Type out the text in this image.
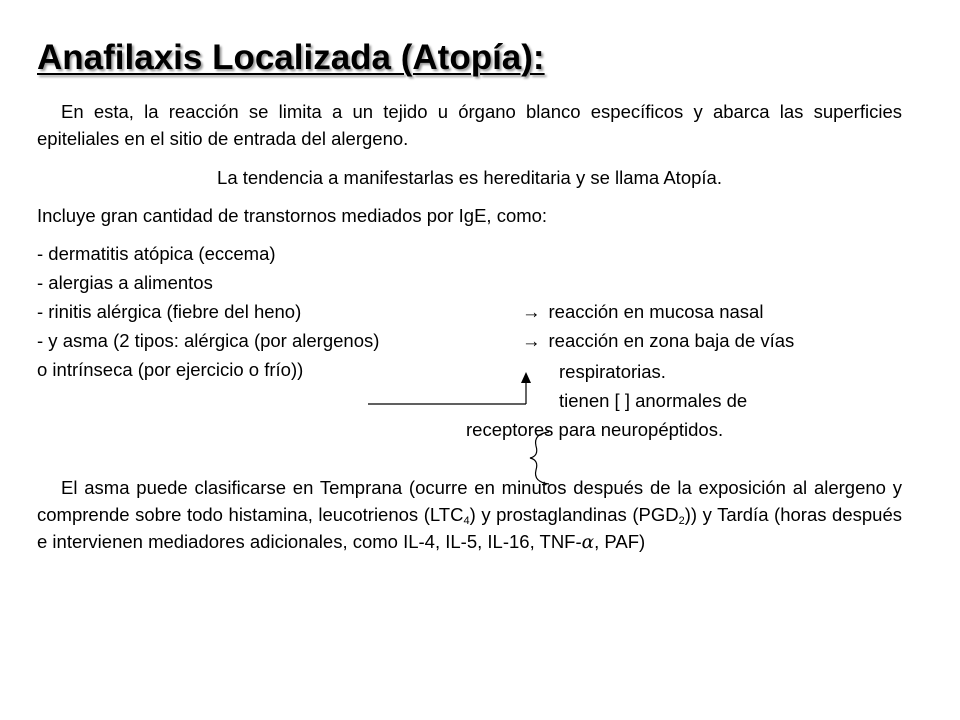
Anafilaxis Localizada (Atopía):
En esta, la reacción se limita a un tejido u órgano blanco específicos y abarca las superficies epiteliales en el sitio de entrada del alergeno.
La tendencia a manifestarlas es hereditaria y se llama Atopía.
Incluye gran cantidad de transtornos mediados por IgE, como:
- dermatitis atópica (eccema)
- alergias a alimentos
- rinitis alérgica (fiebre del heno)
- y asma (2 tipos: alérgica (por alergenos)
o intrínseca (por ejercicio o frío))
→ reacción en mucosa nasal
→ reacción en zona baja de vías
respiratorias.
tienen [ ] anormales de
receptores para neuropéptidos.
El asma puede clasificarse en Temprana (ocurre en minutos después de la exposición al alergeno y comprende sobre todo histamina, leucotrienos $(LTC_4)$ y prostaglandinas $(PGD_2)$) y Tardía (horas después e intervienen mediadores adicionales, como IL-4, IL-5, IL-16, TNF-α, PAF)
